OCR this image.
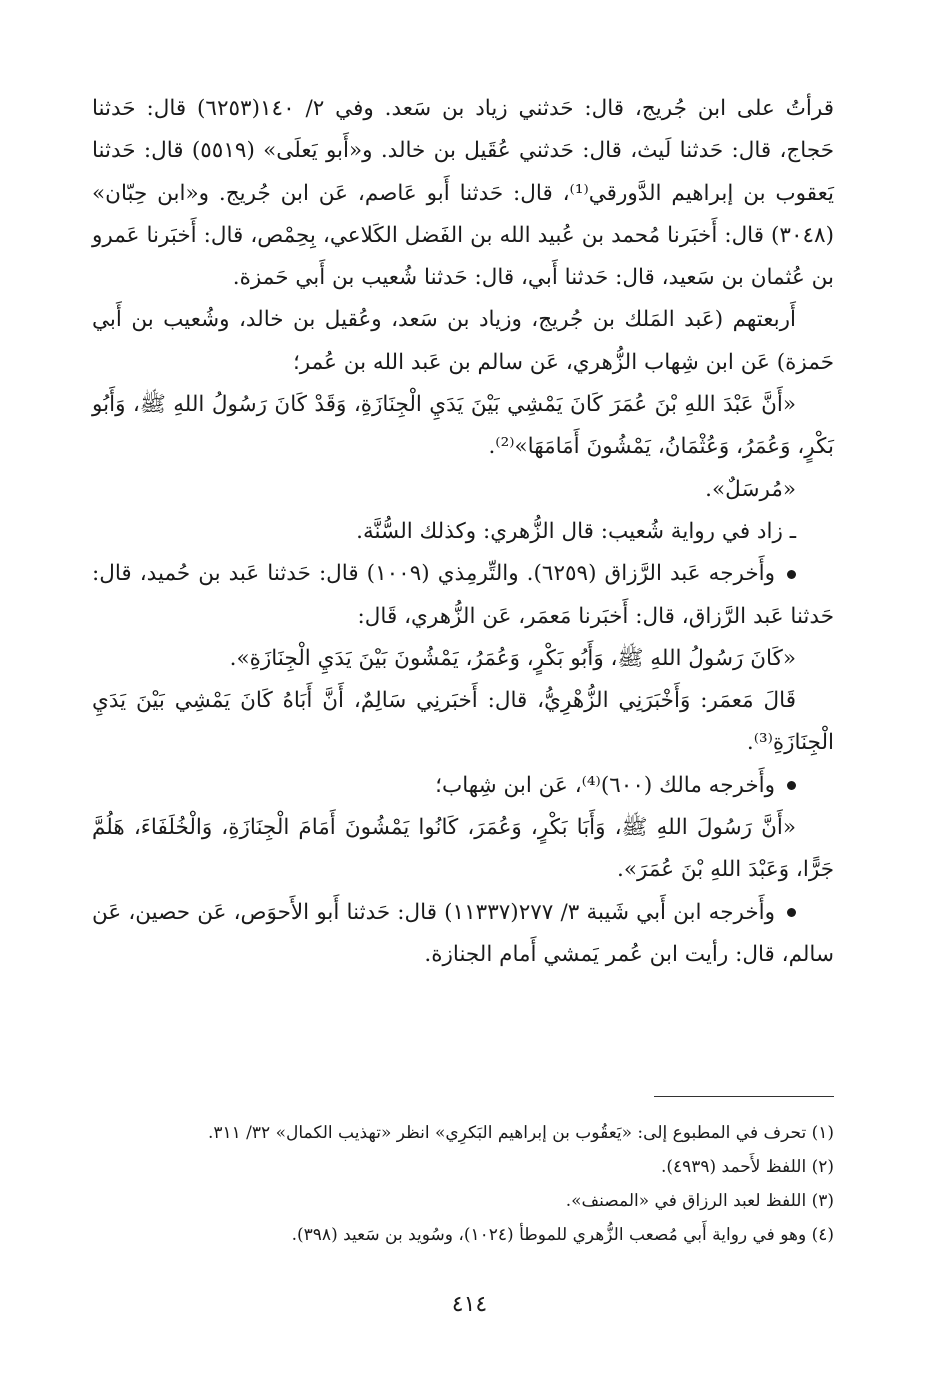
قرأتُ على ابن جُريج، قال: حَدثني زياد بن سَعد. وفي ٢/ ١٤٠(٦٢٥٣) قال: حَدثنا حَجاج، قال: حَدثنا لَيث، قال: حَدثني عُقَيل بن خالد. و«أَبو يَعلَى» (٥٥١٩) قال: حَدثنا يَعقوب بن إبراهيم الدَّورقي⁽¹⁾، قال: حَدثنا أَبو عَاصم، عَن ابن جُريج. و«ابن حِبّان» (٣٠٤٨) قال: أَخبَرنا مُحمد بن عُبيد الله بن الفَضل الكَلاعي، بِحِمْص، قال: أَخبَرنا عَمرو بن عُثمان بن سَعيد، قال: حَدثنا أَبي، قال: حَدثنا شُعيب بن أَبي حَمزة.

أَربعتهم (عَبد المَلك بن جُريج، وزياد بن سَعد، وعُقيل بن خالد، وشُعيب بن أَبي حَمزة) عَن ابن شِهاب الزُّهري، عَن سالم بن عَبد الله بن عُمر؛

«أَنَّ عَبْدَ اللهِ بْنَ عُمَرَ كَانَ يَمْشِي بَيْنَ يَدَيِ الْجِنَازَةِ، وَقَدْ كَانَ رَسُولُ اللهِ ﷺ، وَأَبُو بَكْرٍ، وَعُمَرُ، وَعُثْمَانُ، يَمْشُونَ أَمَامَهَا»⁽²⁾.

«مُرسَلٌ».

ـ زاد في رواية شُعيب: قال الزُّهري: وكذلك السُّنَّة.

وأَخرجه عَبد الرَّزاق (٦٢٥٩). والتِّرمِذي (١٠٠٩) قال: حَدثنا عَبد بن حُميد، قال: حَدثنا عَبد الرَّزاق، قال: أَخبَرنا مَعمَر، عَن الزُّهري، قَال:

«كَانَ رَسُولُ اللهِ ﷺ، وَأَبُو بَكْرٍ، وَعُمَرُ، يَمْشُونَ بَيْنَ يَدَيِ الْجِنَازَةِ».

قَالَ مَعمَر: وَأَخْبَرَنِي الزُّهْرِيُّ، قال: أَخبَرنِي سَالِمٌ، أَنَّ أَبَاهُ كَانَ يَمْشِي بَيْنَ يَدَيِ الْجِنَازَةِ⁽³⁾.

وأَخرجه مالك (٦٠٠)⁽⁴⁾، عَن ابن شِهاب؛

«أَنَّ رَسُولَ اللهِ ﷺ، وَأَبَا بَكْرٍ، وَعُمَرَ، كَانُوا يَمْشُونَ أَمَامَ الْجِنَازَةِ، وَالْخُلَفَاءَ، هَلُمَّ جَرًّا، وَعَبْدَ اللهِ بْنَ عُمَرَ».

وأَخرجه ابن أَبي شَيبة ٣/ ٢٧٧(١١٣٣٧) قال: حَدثنا أَبو الأَحوَص، عَن حصين، عَن سالم، قال: رأيت ابن عُمر يَمشي أَمام الجنازة.

(١) تحرف في المطبوع إلى: «يَعقُوب بن إبراهيم البَكرِي» انظر «تهذيب الكمال» ٣٢/ ٣١١.

(٢) اللفظ لأَحمد (٤٩٣٩).

(٣) اللفظ لعبد الرزاق في «المصنف».

(٤) وهو في رواية أَبي مُصعب الزُّهري للموطأ (١٠٢٤)، وسُويد بن سَعيد (٣٩٨).

٤١٤
